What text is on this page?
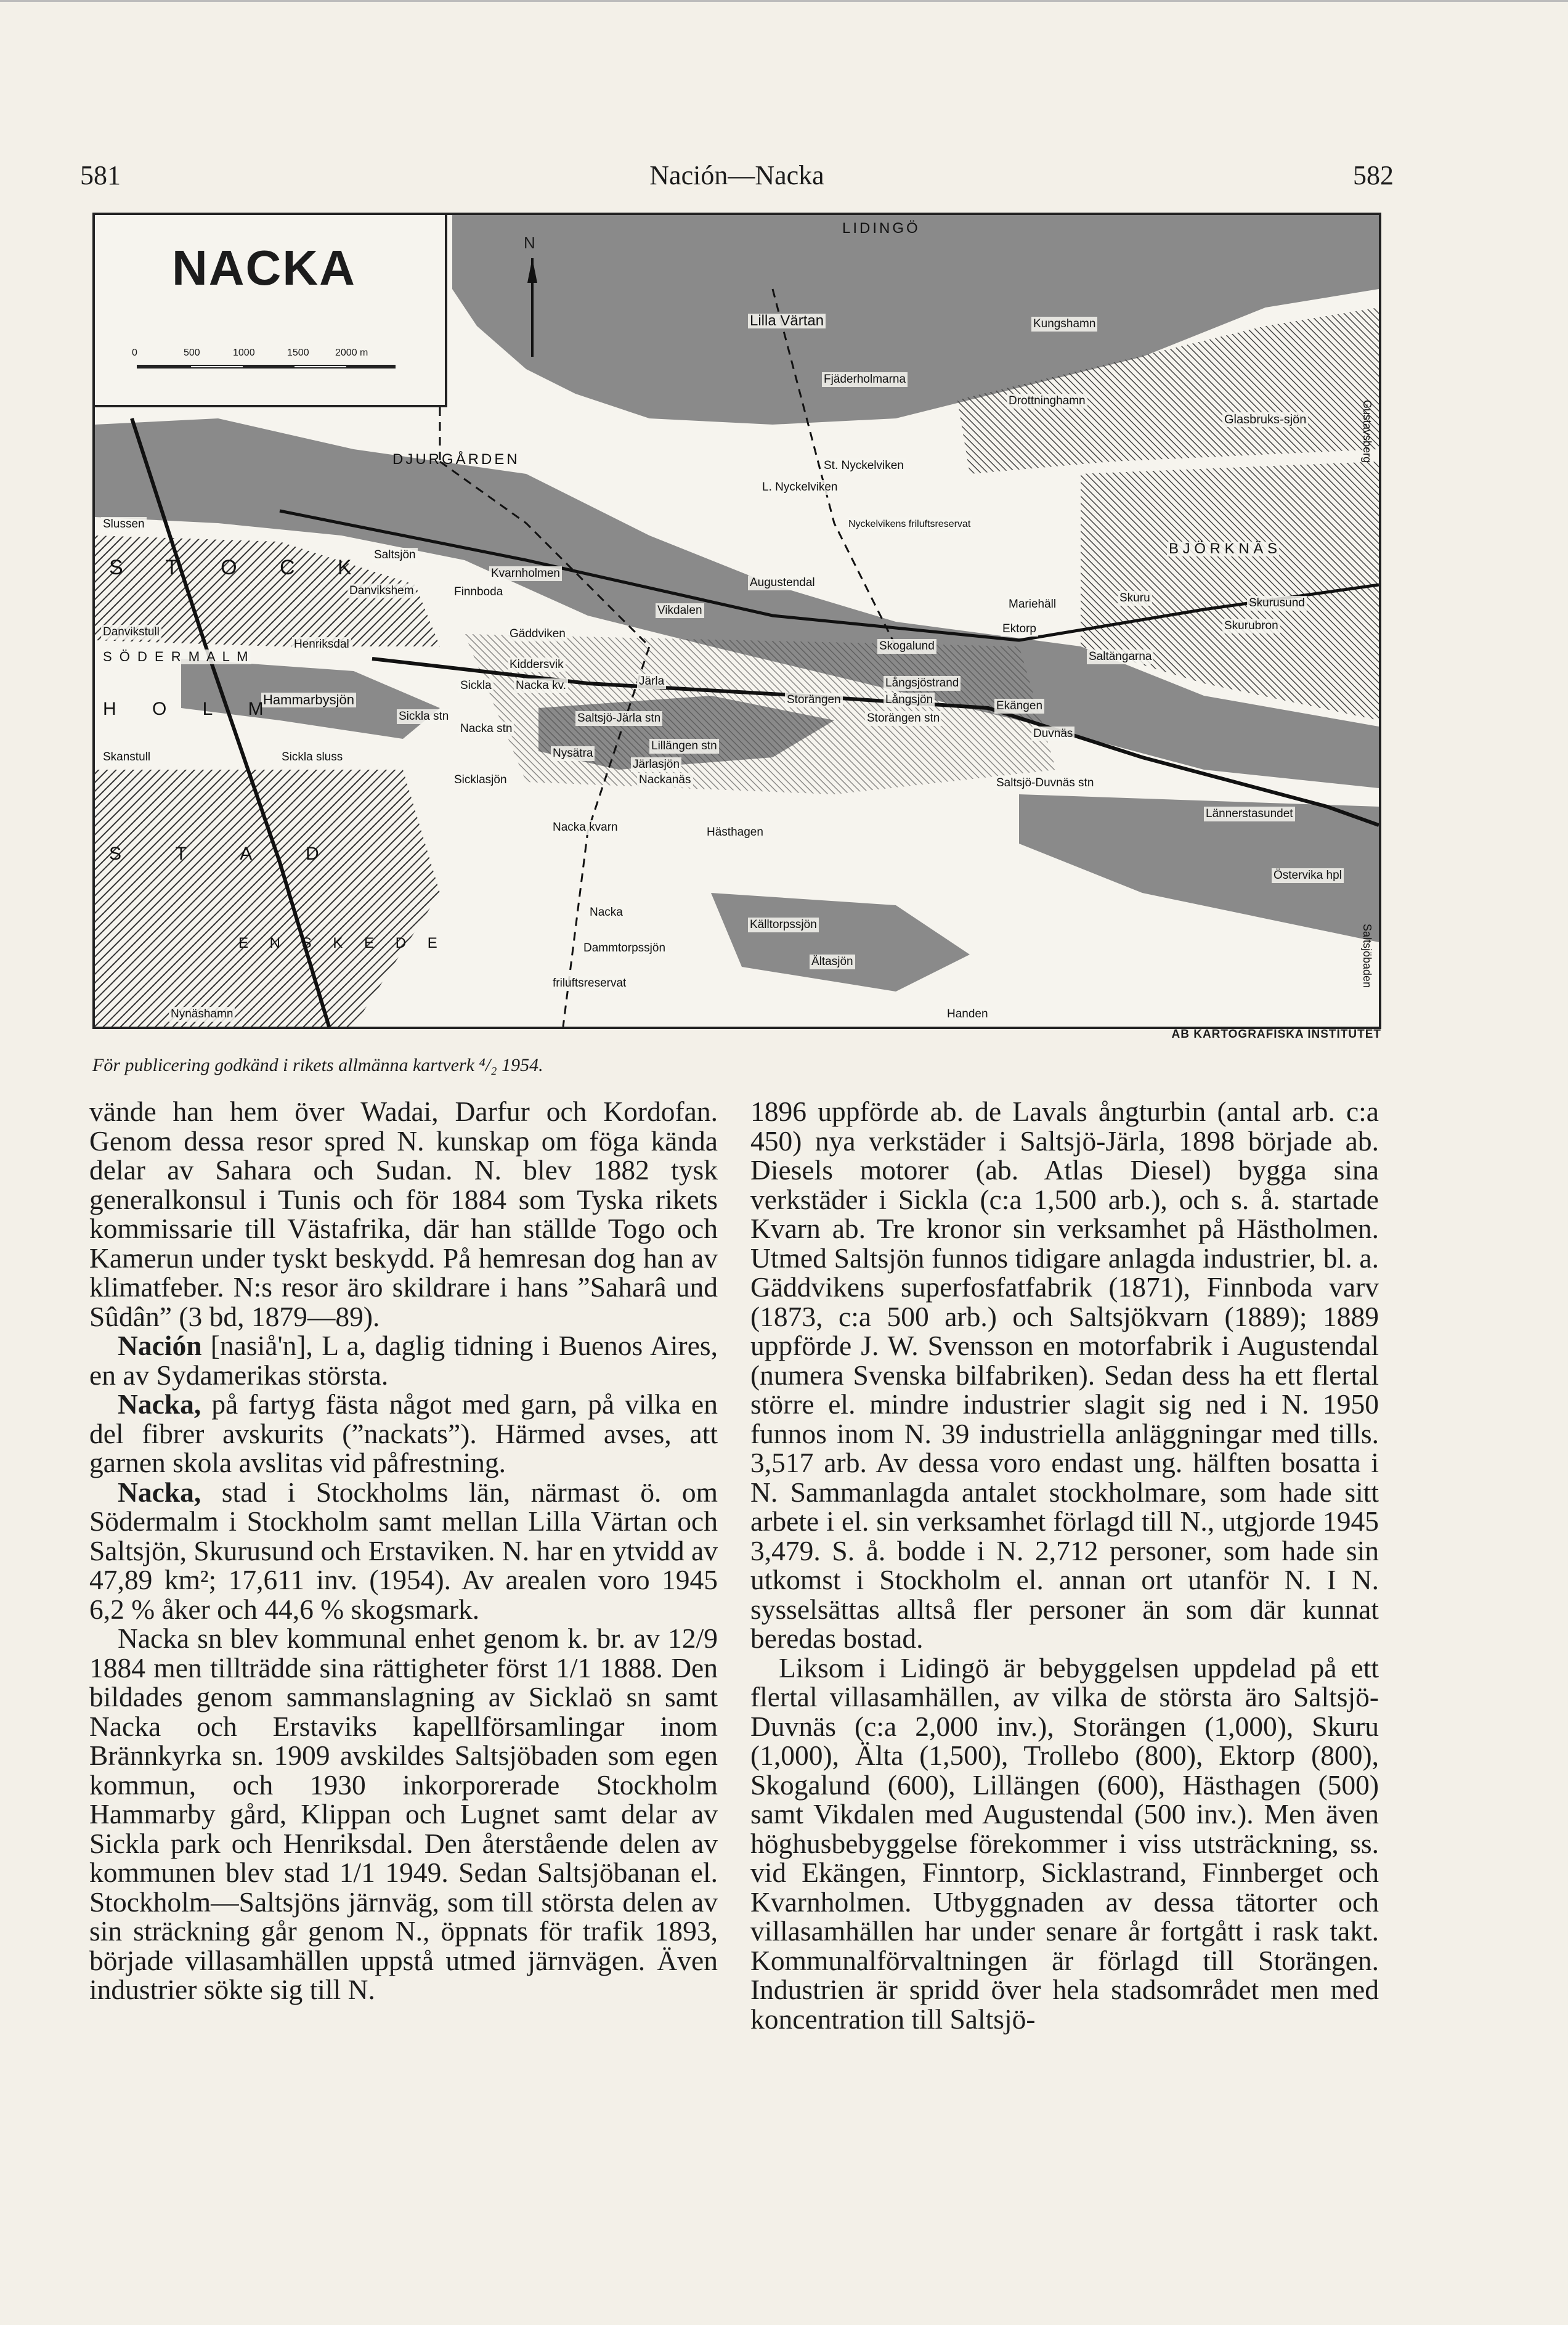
581	Nación—Nacka	582
NACKA
0	500	1000	1500	2000 m
N
LIDINGÖ
Lilla Värtan	Kungshamn
Fjäderholmarna
Drottninghamn
Glasbruks-sjön
DJURGÅRDEN	St. Nyckelviken
L. Nyckelviken
Nyckelvikens friluftsreservat
Slussen
S T O C K
Saltsjön
Kvarnholmen
Danvikshem	Finnboda
Augustendal
B J Ö R K N Ä S
Skuru	Skurusund
Mariehäll
Vikdalen
Danvikstull
S Ö D E R M A L M
Henriksdal
Gäddviken
Skogalund
Ektorp	Skurubron
Saltängarna
Kiddersvik
Sickla Nacka kv.	Järla
Storängen
Långsjöstrand
Långsjön	Ekängen
Hammarbysjön
H O L M	Sickla stn
Nacka stn
Saltsjö-Järla stn	Storängen stn
Duvnäs
Skanstull	Sickla sluss	Nysätra
Lillängen stn
Järlasjön
Nackanäs
Sicklasjön	Saltsjö-Duvnäs stn
Lännerstasundet
Östervika hpl
Nacka kvarn	Hästhagen
S T A D
E N S K E D E
Nacka
Källtorpssjön
Dammtorpssjön
Ältasjön
friluftsreservat
Nynäshamn	Handen
Gustavsberg
Saltsjöbaden
AB KARTOGRAFISKA INSTITUTET
För publicering godkänd i rikets allmänna kartverk ⁴/₂ 1954.

vände han hem över Wadai, Darfur och Kordofan. Genom dessa resor spred N. kunskap om föga kända delar av Sahara och Sudan. N. blev 1882 tysk generalkonsul i Tunis och för 1884 som Tyska rikets kommissarie till Västafrika, där han ställde Togo och Kamerun under tyskt beskydd. På hemresan dog han av klimatfeber. N:s resor äro skildrare i hans ”Saharâ und Sûdân” (3 bd, 1879—89).

Nación [nasiå'n], L a, daglig tidning i Buenos Aires, en av Sydamerikas största.

Nacka, på fartyg fästa något med garn, på vilka en del fibrer avskurits (”nackats”). Härmed avses, att garnen skola avslitas vid påfrestning.

Nacka, stad i Stockholms län, närmast ö. om Södermalm i Stockholm samt mellan Lilla Värtan och Saltsjön, Skurusund och Erstaviken. N. har en ytvidd av 47,89 km²; 17,611 inv. (1954). Av arealen voro 1945 6,2 % åker och 44,6 % skogsmark.

Nacka sn blev kommunal enhet genom k. br. av 12/9 1884 men tillträdde sina rättigheter först 1/1 1888. Den bildades genom sammanslagning av Sicklaö sn samt Nacka och Erstaviks kapellförsamlingar inom Brännkyrka sn. 1909 avskildes Saltsjöbaden som egen kommun, och 1930 inkorporerade Stockholm Hammarby gård, Klippan och Lugnet samt delar av Sickla park och Henriksdal. Den återstående delen av kommunen blev stad 1/1 1949. Sedan Saltsjöbanan el. Stockholm—Saltsjöns järnväg, som till största delen av sin sträckning går genom N., öppnats för trafik 1893, började villasamhällen uppstå utmed järnvägen. Även industrier sökte sig till N.

1896 uppförde ab. de Lavals ångturbin (antal arb. c:a 450) nya verkstäder i Saltsjö-Järla, 1898 började ab. Diesels motorer (ab. Atlas Diesel) bygga sina verkstäder i Sickla (c:a 1,500 arb.), och s. å. startade Kvarn ab. Tre kronor sin verksamhet på Hästholmen. Utmed Saltsjön funnos tidigare anlagda industrier, bl. a. Gäddvikens superfosfatfabrik (1871), Finnboda varv (1873, c:a 500 arb.) och Saltsjökvarn (1889); 1889 uppförde J. W. Svensson en motorfabrik i Augustendal (numera Svenska bilfabriken). Sedan dess ha ett flertal större el. mindre industrier slagit sig ned i N. 1950 funnos inom N. 39 industriella anläggningar med tills. 3,517 arb. Av dessa voro endast ung. hälften bosatta i N. Sammanlagda antalet stockholmare, som hade sitt arbete i el. sin verksamhet förlagd till N., utgjorde 1945 3,479. S. å. bodde i N. 2,712 personer, som hade sin utkomst i Stockholm el. annan ort utanför N. I N. sysselsättas alltså fler personer än som där kunnat beredas bostad.

Liksom i Lidingö är bebyggelsen uppdelad på ett flertal villasamhällen, av vilka de största äro Saltsjö-Duvnäs (c:a 2,000 inv.), Storängen (1,000), Skuru (1,000), Älta (1,500), Trollebo (800), Ektorp (800), Skogalund (600), Lillängen (600), Hästhagen (500) samt Vikdalen med Augustendal (500 inv.). Men även höghusbebyggelse förekommer i viss utsträckning, ss. vid Ekängen, Finntorp, Sicklastrand, Finnberget och Kvarnholmen. Utbyggnaden av dessa tätorter och villasamhällen har under senare år fortgått i rask takt. Kommunalförvaltningen är förlagd till Storängen. Industrien är spridd över hela stadsområdet men med koncentration till Saltsjö-
